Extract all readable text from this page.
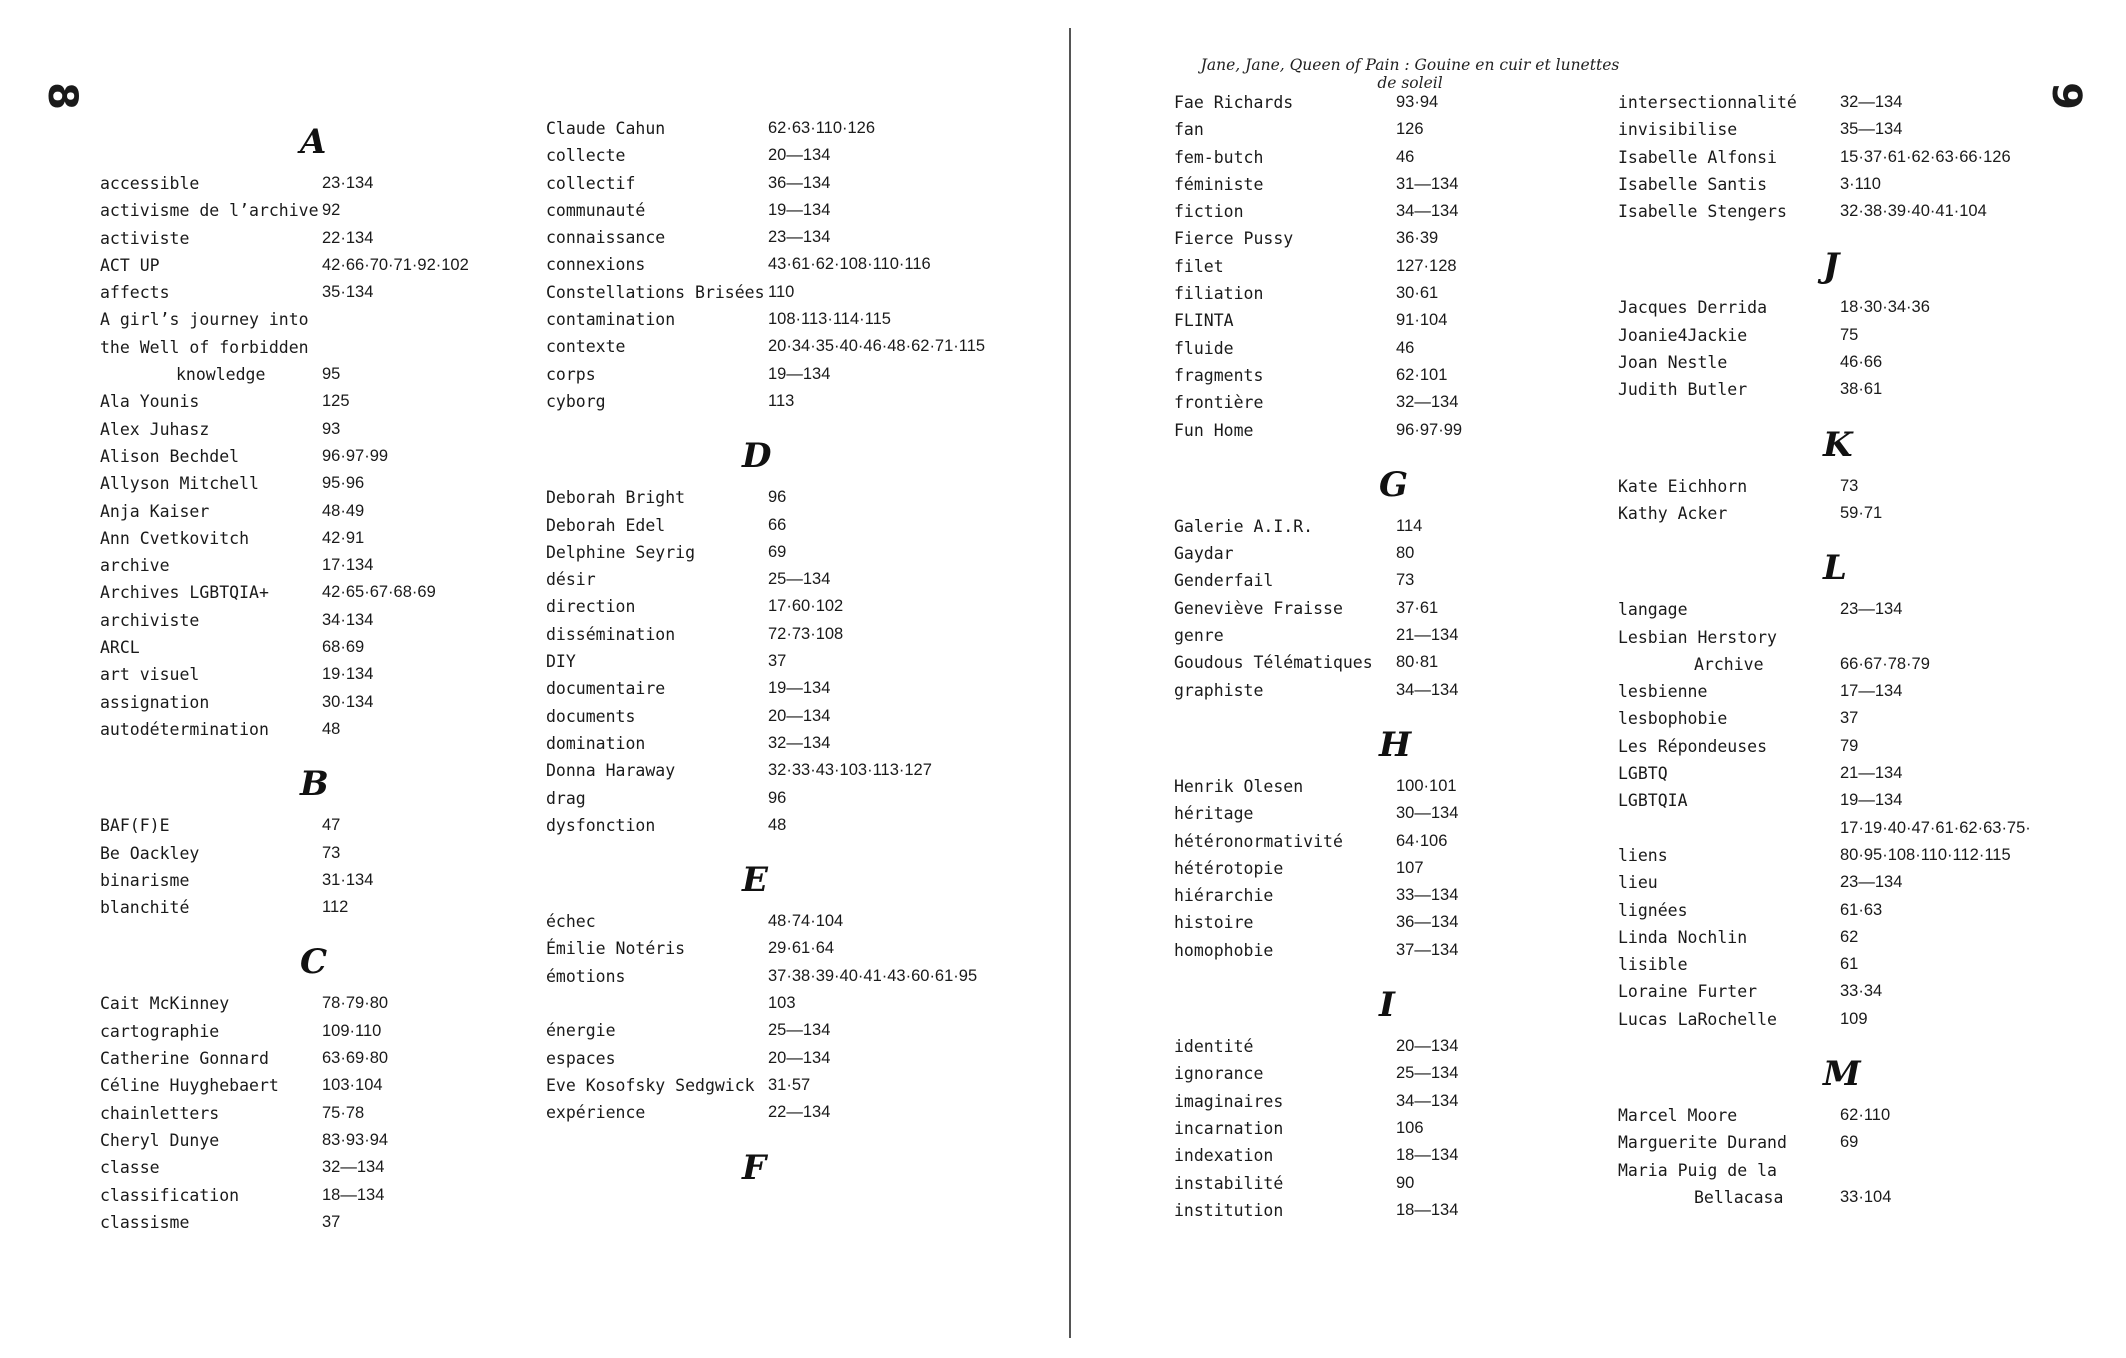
8	9
Jane, Jane, Queen of Pain : Gouine en cuir et lunettes de soleil
A
accessible	23·134
activisme de l’archive 92
activiste	22·134
ACT UP	42·66·70·71·92·102
affects	35·134
A girl’s journey into
the Well of forbidden
knowledge	95
Ala Younis	125
Alex Juhasz	93
Alison Bechdel	96·97·99
Allyson Mitchell	95·96
Anja Kaiser	48·49
Ann Cvetkovitch	42·91
archive	17·134
Archives LGBTQIA+	42·65·67·68·69
archiviste	34·134
ARCL	68·69
art visuel	19·134
assignation	30·134
autodétermination	48
B
BAF(F)E	47
Be Oackley	73
binarisme	31·134
blanchité	112
C
Cait McKinney	78·79·80
cartographie	109·110
Catherine Gonnard	63·69·80
Céline Huyghebaert	103·104
chainletters	75·78
Cheryl Dunye	83·93·94
classe	32—134
classification	18—134
classisme	37
Claude Cahun	62·63·110·126
collecte	20—134
collectif	36—134
communauté	19—134
connaissance	23—134
connexions	43·61·62·108·110·116
Constellations Brisées 110
contamination	108·113·114·115
contexte	20·34·35·40·46·48·62·71·115
corps	19—134
cyborg	113
D
Deborah Bright	96
Deborah Edel	66
Delphine Seyrig	69
désir	25—134
direction	17·60·102
dissémination	72·73·108
DIY	37
documentaire	19—134
documents	20—134
domination	32—134
Donna Haraway	32·33·43·103·113·127
drag	96
dysfonction	48
E
échec	48·74·104
Émilie Notéris	29·61·64
émotions	37·38·39·40·41·43·60·61·95
103
énergie	25—134
espaces	20—134
Eve Kosofsky Sedgwick 31·57
expérience	22—134
F
Fae Richards	93·94
fan	126
fem-butch	46
féministe	31—134
fiction	34—134
Fierce Pussy	36·39
filet	127·128
filiation	30·61
FLINTA	91·104
fluide	46
fragments	62·101
frontière	32—134
Fun Home	96·97·99
G
Galerie A.I.R.	114
Gaydar	80
Genderfail	73
Geneviève Fraisse	37·61
genre	21—134
Goudous Télématiques 80·81
graphiste	34—134
H
Henrik Olesen	100·101
héritage	30—134
hétéronormativité	64·106
hétérotopie	107
hiérarchie	33—134
histoire	36—134
homophobie	37—134
I
identité	20—134
ignorance	25—134
imaginaires	34—134
incarnation	106
indexation	18—134
instabilité	90
institution	18—134
intersectionnalité	32—134
invisibilise	35—134
Isabelle Alfonsi	15·37·61·62·63·66·126
Isabelle Santis	3·110
Isabelle Stengers	32·38·39·40·41·104
J
Jacques Derrida	18·30·34·36
Joanie4Jackie	75
Joan Nestle	46·66
Judith Butler	38·61
K
Kate Eichhorn	73
Kathy Acker	59·71
L
langage	23—134
Lesbian Herstory
Archive	66·67·78·79
lesbienne	17—134
lesbophobie	37
Les Répondeuses	79
LGBTQ	21—134
LGBTQIA	19—134
17·19·40·47·61·62·63·75·
liens	80·95·108·110·112·115
lieu	23—134
lignées	61·63
Linda Nochlin	62
lisible	61
Loraine Furter	33·34
Lucas LaRochelle	109
M
Marcel Moore	62·110
Marguerite Durand	69
Maria Puig de la
Bellacasa	33·104
